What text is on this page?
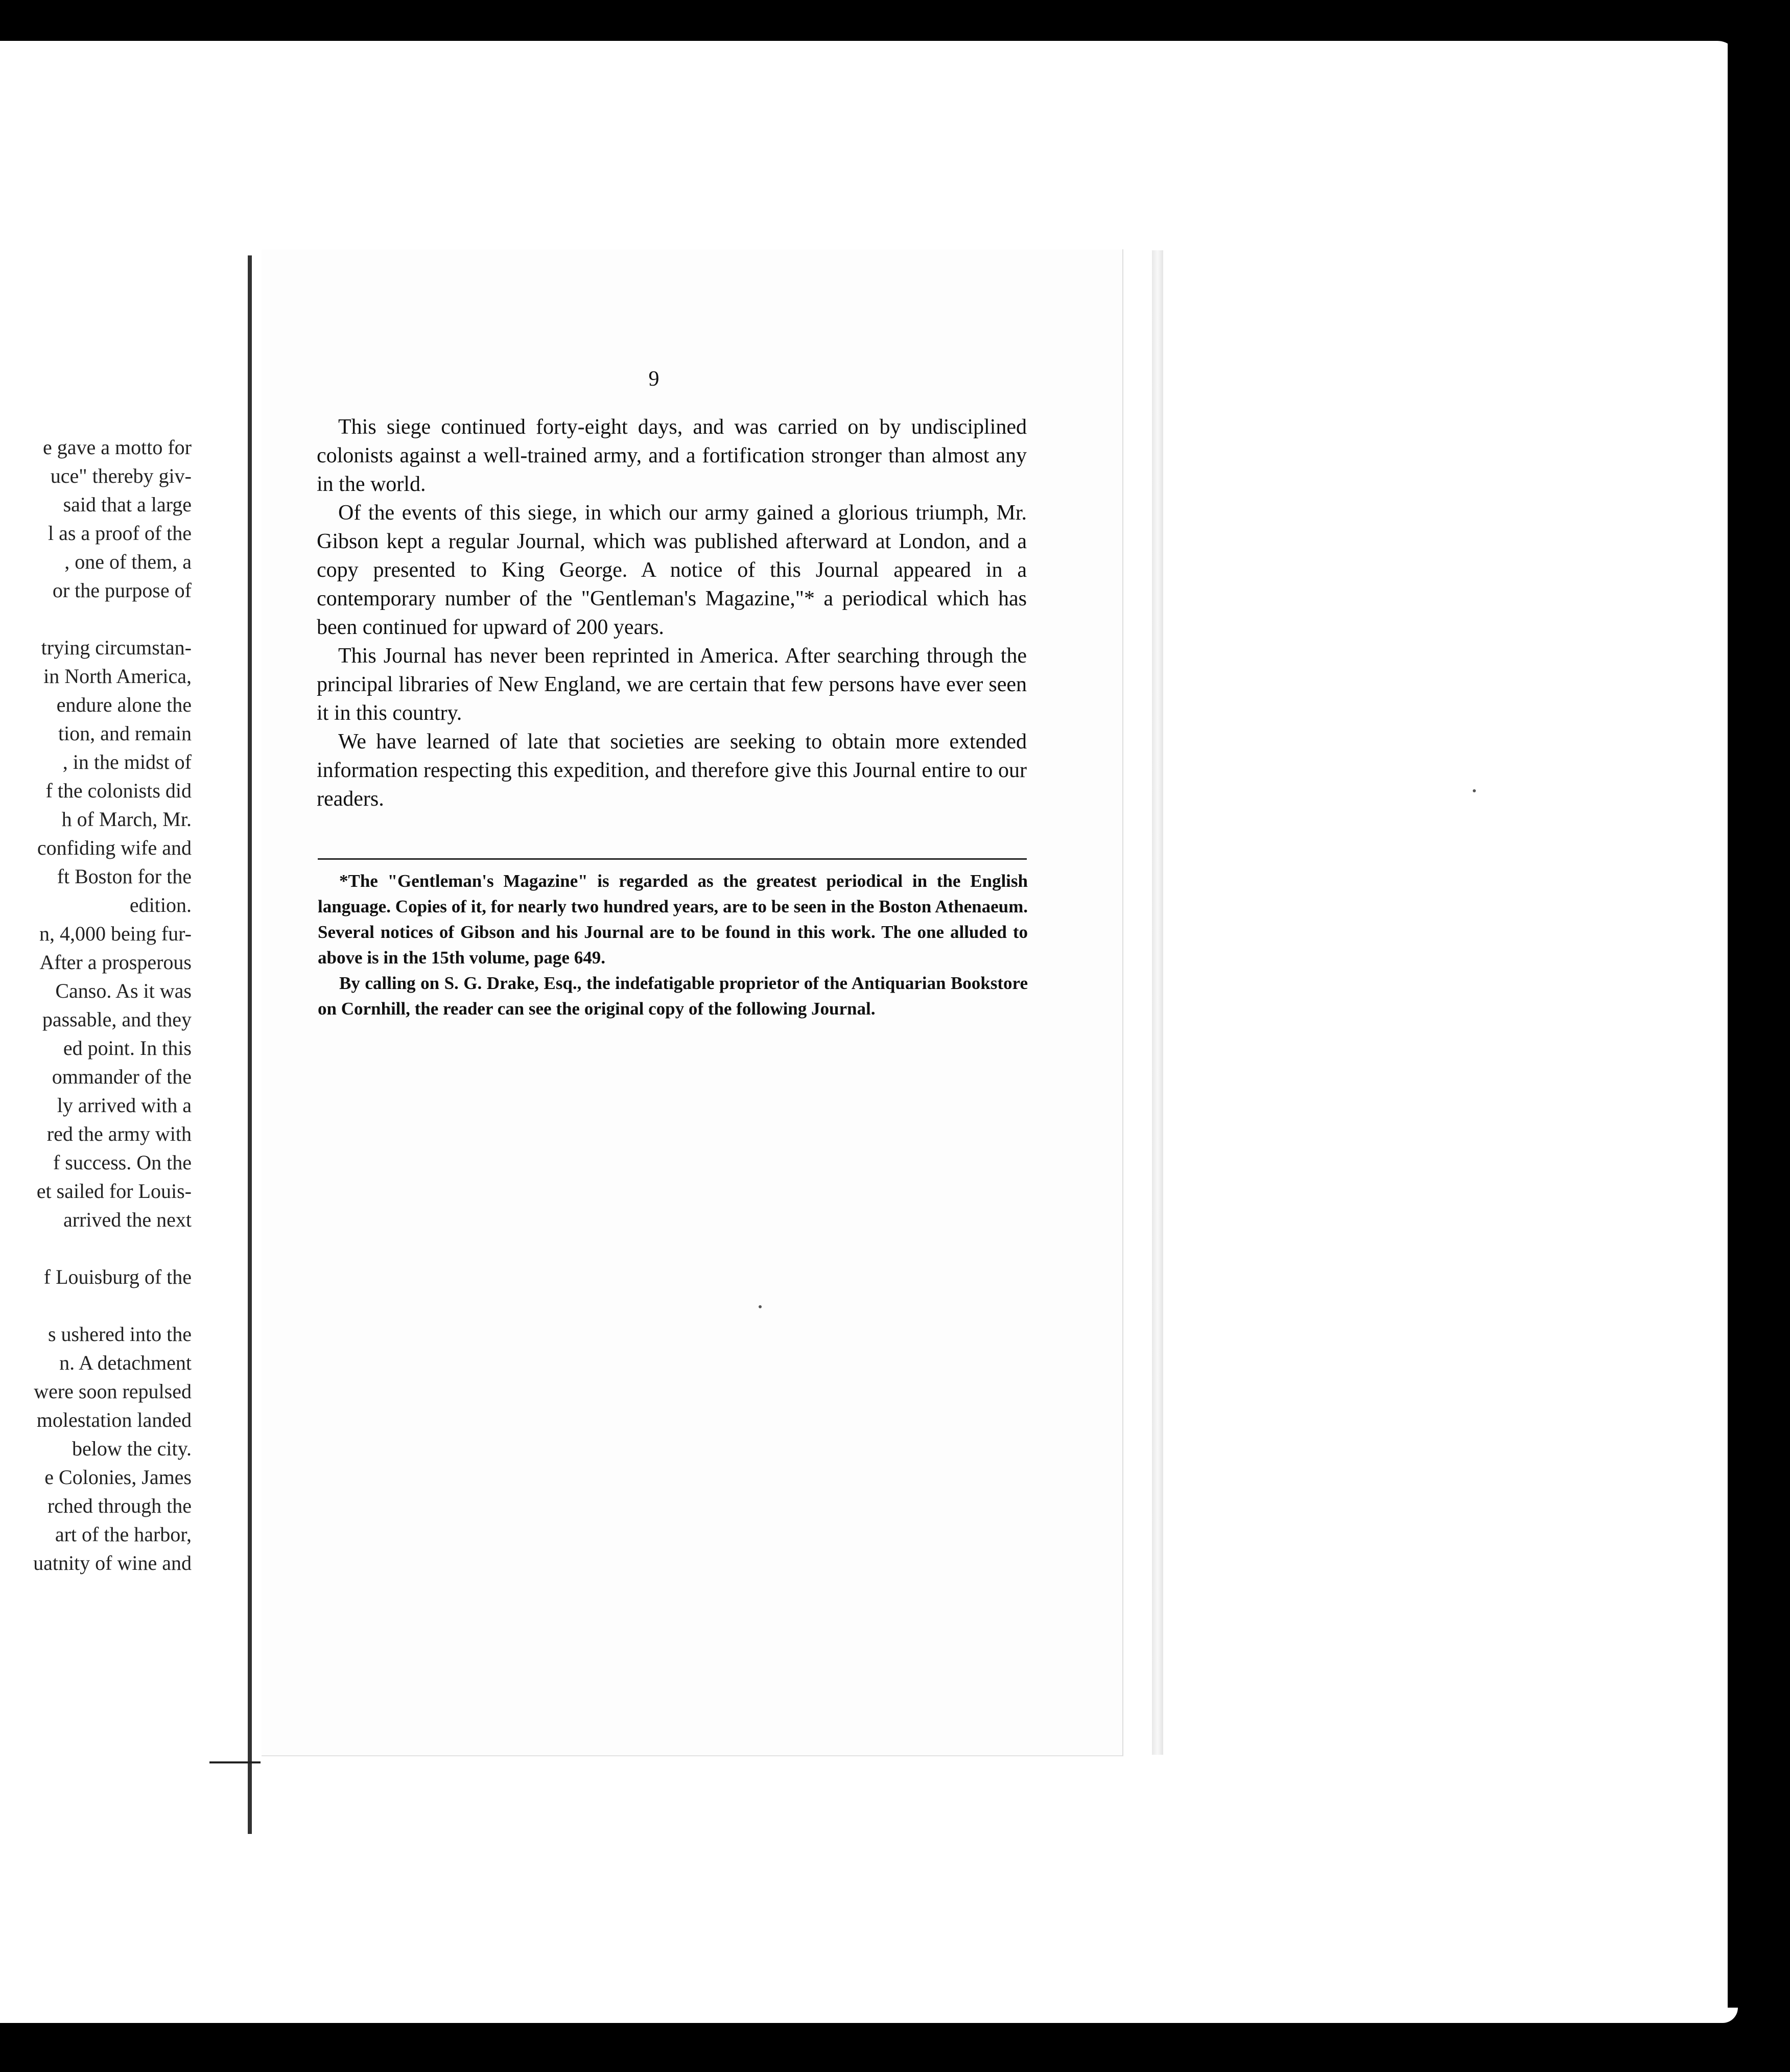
e gave a motto for
uce" thereby giv-
said that a large
l as a proof of the
, one of them, a
or the purpose of
trying circumstan-
in North America,
endure alone the
tion, and remain
, in the midst of
f the colonists did
h of March, Mr.
confiding wife and
ft Boston for the
edition.
n, 4,000 being fur-
After a prosperous
Canso. As it was
passable, and they
ed point. In this
ommander of the
ly arrived with a
red the army with
f success. On the
et sailed for Louis-
arrived the next
f Louisburg of the
s ushered into the
n. A detachment
were soon repulsed
molestation landed
below the city.
e Colonies, James
rched through the
art of the harbor,
uatnity of wine and
9

This siege continued forty-eight days, and was carried on by undisciplined colonists against a well-trained army, and a fortification stronger than almost any in the world.

Of the events of this siege, in which our army gained a glorious triumph, Mr. Gibson kept a regular Journal, which was published afterward at London, and a copy presented to King George. A notice of this Journal appeared in a contemporary number of the "Gentleman's Magazine,"* a periodical which has been continued for upward of 200 years.

This Journal has never been reprinted in America. After searching through the principal libraries of New England, we are certain that few persons have ever seen it in this country.

We have learned of late that societies are seeking to obtain more extended information respecting this expedition, and therefore give this Journal entire to our readers.

*The "Gentleman's Magazine" is regarded as the greatest periodical in the English language. Copies of it, for nearly two hundred years, are to be seen in the Boston Athenaeum. Several notices of Gibson and his Journal are to be found in this work. The one alluded to above is in the 15th volume, page 649.

By calling on S. G. Drake, Esq., the indefatigable proprietor of the Antiquarian Bookstore on Cornhill, the reader can see the original copy of the following Journal.
